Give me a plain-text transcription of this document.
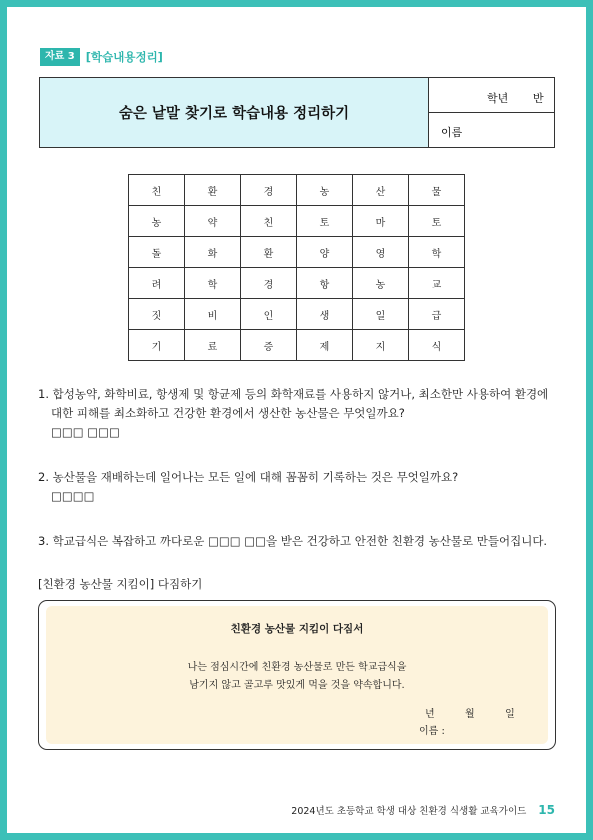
자료 3 [학습내용정리]
숨은 낱말 찾기로 학습내용 정리하기
학년 반
이름
친	환	경	농	산	물
농	약	친	토	마	토
돌	화	환	양	영	학
려	학	경	항	농	교
짓	비	인	생	일	급
기	료	증	제	지	식
1. 합성농약, 화학비료, 항생제 및 항균제 등의 화학재료를 사용하지 않거나, 최소한만 사용하여 환경에
대한 피해를 최소화하고 건강한 환경에서 생산한 농산물은 무엇일까요?
□□□ □□□
2. 농산물을 재배하는데 일어나는 모든 일에 대해 꼼꼼히 기록하는 것은 무엇일까요?
□□□□
3. 학교급식은 복잡하고 까다로운 □□□ □□을 받은 건강하고 안전한 친환경 농산물로 만들어집니다.
[친환경 농산물 지킴이] 다짐하기
친환경 농산물 지킴이 다짐서
나는 점심시간에 친환경 농산물로 만든 학교급식을
남기지 않고 골고루 맛있게 먹을 것을 약속합니다.
년	월	일
이름 :
2024년도 초등학교 학생 대상 친환경 식생활 교육가이드 15
